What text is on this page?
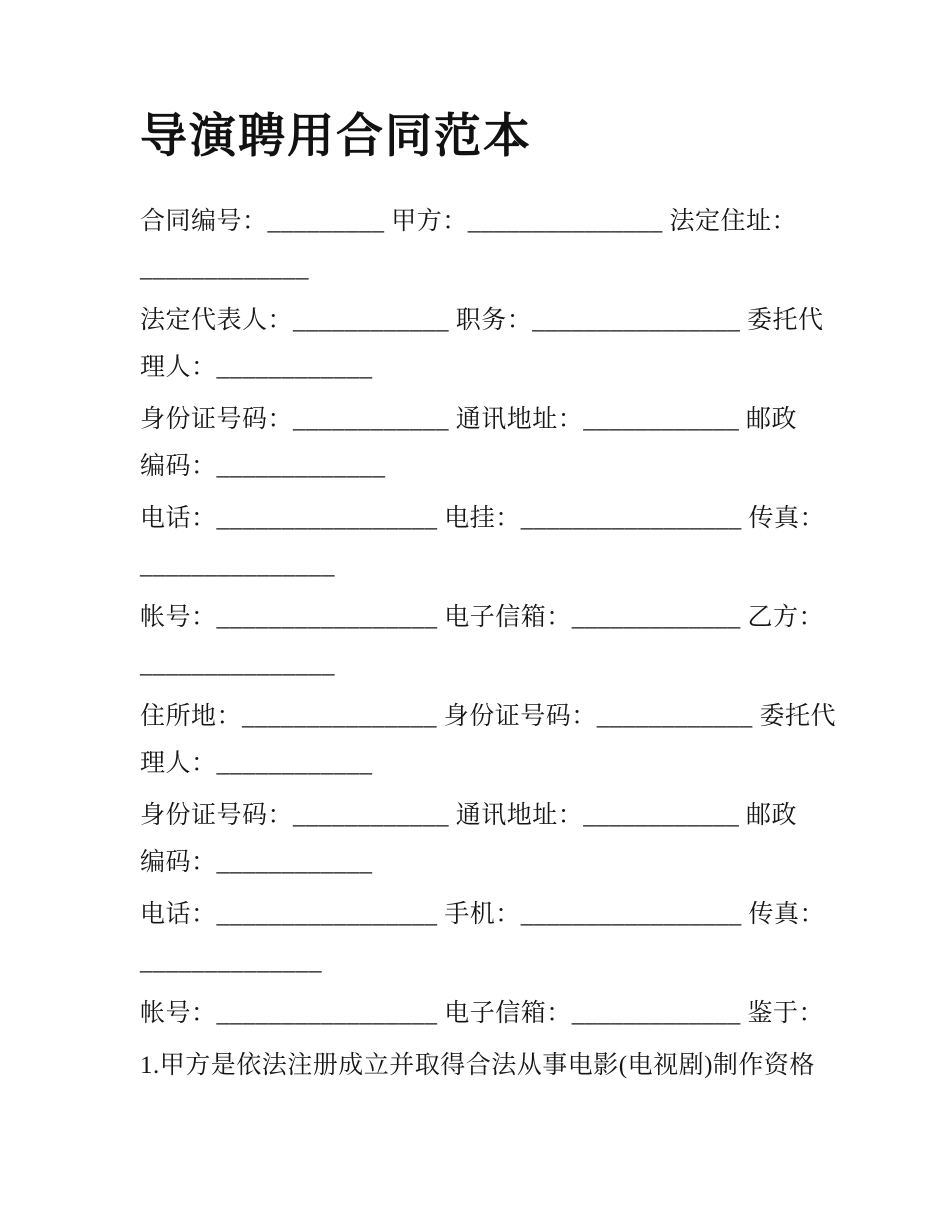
导演聘用合同范本
合同编号：_________ 甲方：_______________ 法定住址：
_____________
法定代表人：____________ 职务：________________ 委托代
理人：____________
身份证号码：____________ 通讯地址：____________ 邮政
编码：_____________
电话：_________________ 电挂：_________________ 传真：
_______________
帐号：_________________ 电子信箱：_____________ 乙方：
_______________
住所地：_______________ 身份证号码：____________ 委托代
理人：____________
身份证号码：____________ 通讯地址：____________ 邮政
编码：____________
电话：_________________ 手机：_________________ 传真：
______________
帐号：_________________ 电子信箱：_____________ 鉴于：
1.甲方是依法注册成立并取得合法从事电影(电视剧)制作资格
